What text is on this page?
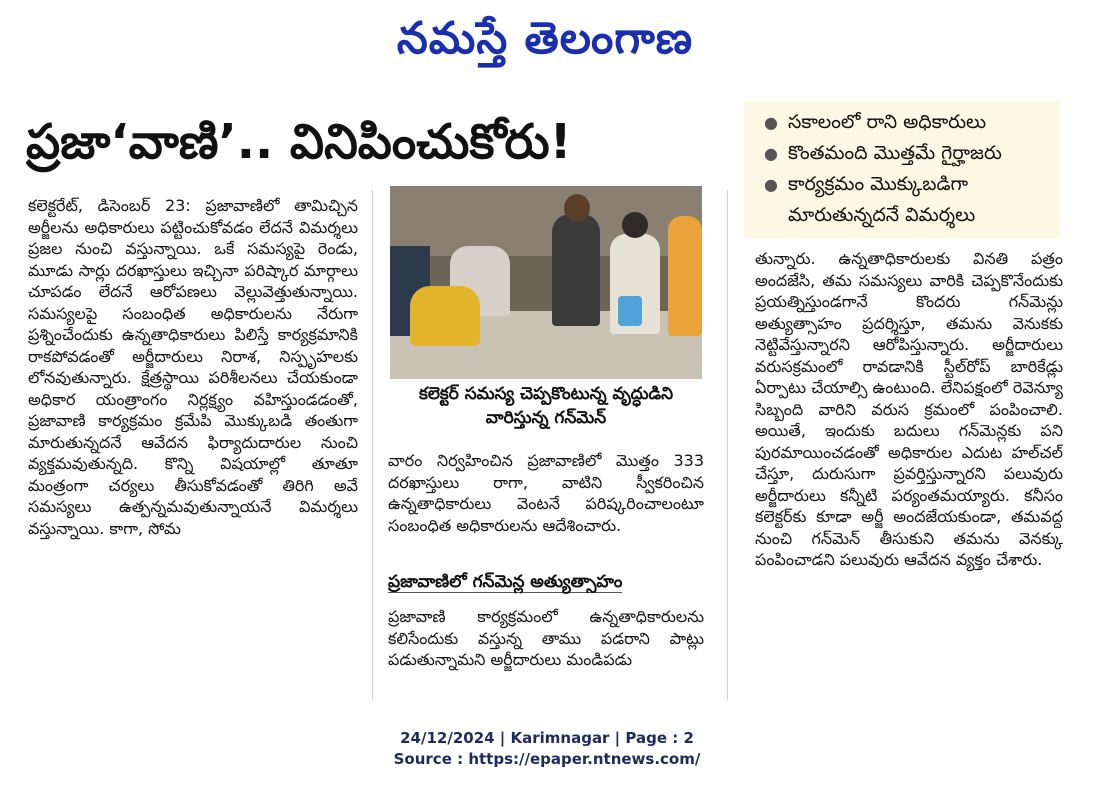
నమస్తే తెలంగాణ
ప్రజా‘వాణి’.. వినిపించుకోరు!	● సకాలంలో రాని అధికారులు
● కొంతమంది మొత్తమే గైర్హాజరు
● కార్యక్రమం మొక్కుబడిగా మారుతున్నదనే విమర్శలు
కలెక్టరేట్, డిసెంబర్ 23: ప్రజావాణిలో తామిచ్చిన అర్జీలను అధికారులు పట్టించుకోవడం లేదనే విమర్శలు ప్రజల నుంచి వస్తున్నాయి. ఒకే సమస్యపై రెండు, మూడు సార్లు దరఖాస్తులు ఇచ్చినా పరిష్కార మార్గాలు చూపడం లేదనే ఆరోపణలు వెల్లువెత్తుతున్నాయి. సమస్యలపై సంబంధిత అధికారులను నేరుగా ప్రశ్నించేందుకు ఉన్నతాధికారులు పిలిస్తే కార్యక్రమానికి రాకపోవడంతో అర్జీదారులు నిరాశ, నిస్పృహలకు లోనవుతున్నారు. క్షేత్రస్థాయి పరిశీలనలు చేయకుండా అధికార యంత్రాంగం నిర్లక్ష్యం వహిస్తుండడంతో, ప్రజావాణి కార్యక్రమం క్రమేపి మొక్కుబడి తంతుగా మారుతున్నదనే ఆవేదన ఫిర్యాదుదారుల నుంచి వ్యక్తమవుతున్నది. కొన్ని విషయాల్లో తూతూ మంత్రంగా చర్యలు తీసుకోవడంతో తిరిగి అవే సమస్యలు ఉత్పన్నమవుతున్నాయనే విమర్శలు వస్తున్నాయి. కాగా, సోమ
కలెక్టర్ సమస్య చెప్పకొంటున్న వృద్ధుడిని వారిస్తున్న గన్‌మెన్
వారం నిర్వహించిన ప్రజావాణిలో మొత్తం 333 దరఖాస్తులు రాగా, వాటిని స్వీకరించిన ఉన్నతాధికారులు వెంటనే పరిష్కరించాలంటూ సంబంధిత అధికారులను ఆదేశించారు.
ప్రజావాణిలో గన్‌మెన్ల అత్యుత్సాహం
ప్రజావాణి కార్యక్రమంలో ఉన్నతాధికారులను కలిసేందుకు వస్తున్న తాము పడరాని పాట్లు పడుతున్నామని అర్జీదారులు మండిపడు
తున్నారు. ఉన్నతాధికారులకు వినతి పత్రం అందజేసి, తమ సమస్యలు వారికి చెప్పకొనేందుకు ప్రయత్నిస్తుండగానే కొందరు గన్‌మెన్లు అత్యుత్సాహం ప్రదర్శిస్తూ, తమను వెనుకకు నెట్టివేస్తున్నారని ఆరోపిస్తున్నారు. అర్జీదారులు వరుసక్రమంలో రావడానికి స్టీల్‌రోప్ బారికేడ్లు ఏర్పాటు చేయాల్సి ఉంటుంది. లేనిపక్షంలో రెవెన్యూ సిబ్బంది వారిని వరుస క్రమంలో పంపించాలి. అయితే, ఇందుకు బదులు గన్‌మెన్లకు పని పురమాయించడంతో అధికారుల ఎదుట హల్‌చల్ చేస్తూ, దురుసుగా ప్రవర్తిస్తున్నారని పలువురు అర్జీదారులు కన్నీటి పర్యంతమయ్యారు. కనీసం కలెక్టర్‌కు కూడా అర్జీ అందజేయకుండా, తమవద్ద నుంచి గన్‌మెన్ తీసుకుని తమను వెనక్కు పంపించాడని పలువురు ఆవేదన వ్యక్తం చేశారు.
24/12/2024 | Karimnagar | Page : 2
Source : https://epaper.ntnews.com/
